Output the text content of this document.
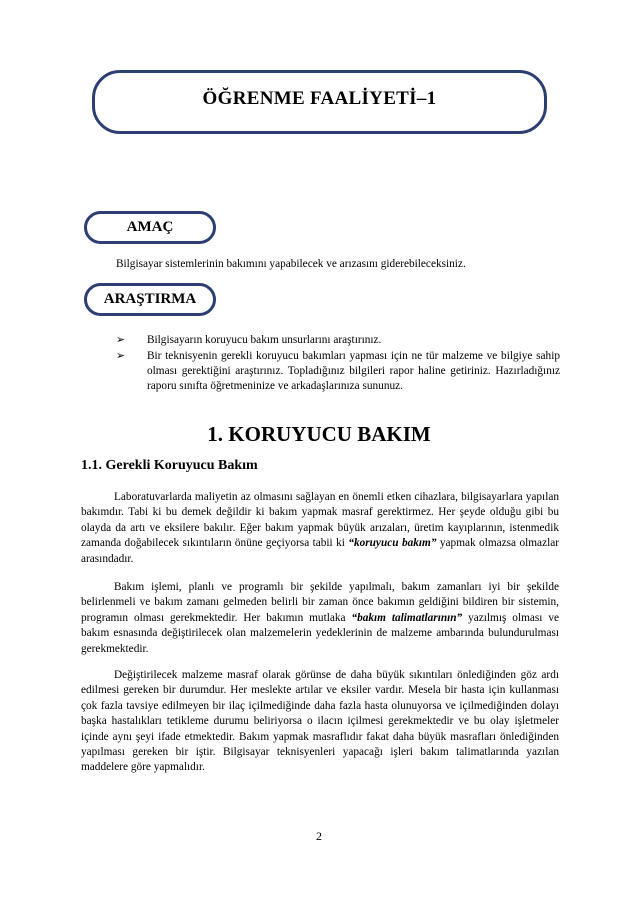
ÖĞRENME FAALİYETİ–1
AMAÇ
Bilgisayar sistemlerinin bakımını yapabilecek ve arızasını giderebileceksiniz.
ARAŞTIRMA
➢ Bilgisayarın koruyucu bakım unsurlarını araştırınız.
➢ Bir teknisyenin gerekli koruyucu bakımları yapması için ne tür malzeme ve bilgiye sahip olması gerektiğini araştırınız. Topladığınız bilgileri rapor haline getiriniz. Hazırladığınız raporu sınıfta öğretmeninize ve arkadaşlarınıza sununuz.
1. KORUYUCU BAKIM
1.1. Gerekli Koruyucu Bakım

Laboratuvarlarda maliyetin az olmasını sağlayan en önemli etken cihazlara, bilgisayarlara yapılan bakımdır. Tabi ki bu demek değildir ki bakım yapmak masraf gerektirmez. Her şeyde olduğu gibi bu olayda da artı ve eksilere bakılır. Eğer bakım yapmak büyük arızaları, üretim kayıplarının, istenmedik zamanda doğabilecek sıkıntıların önüne geçiyorsa tabii ki “koruyucu bakım” yapmak olmazsa olmazlar arasındadır.

Bakım işlemi, planlı ve programlı bir şekilde yapılmalı, bakım zamanları iyi bir şekilde belirlenmeli ve bakım zamanı gelmeden belirli bir zaman önce bakımın geldiğini bildiren bir sistemin, programın olması gerekmektedir. Her bakımın mutlaka “bakım talimatlarının” yazılmış olması ve bakım esnasında değiştirilecek olan malzemelerin yedeklerinin de malzeme ambarında bulundurulması gerekmektedir.

Değiştirilecek malzeme masraf olarak görünse de daha büyük sıkıntıları önlediğinden göz ardı edilmesi gereken bir durumdur. Her meslekte artılar ve eksiler vardır. Mesela bir hasta için kullanması çok fazla tavsiye edilmeyen bir ilaç içilmediğinde daha fazla hasta olunuyorsa ve içilmediğinden dolayı başka hastalıkları tetikleme durumu beliriyorsa o ilacın içilmesi gerekmektedir ve bu olay işletmeler içinde aynı şeyi ifade etmektedir. Bakım yapmak masraflıdır fakat daha büyük masrafları önlediğinden yapılması gereken bir iştir. Bilgisayar teknisyenleri yapacağı işleri bakım talimatlarında yazılan maddelere göre yapmalıdır.

2
